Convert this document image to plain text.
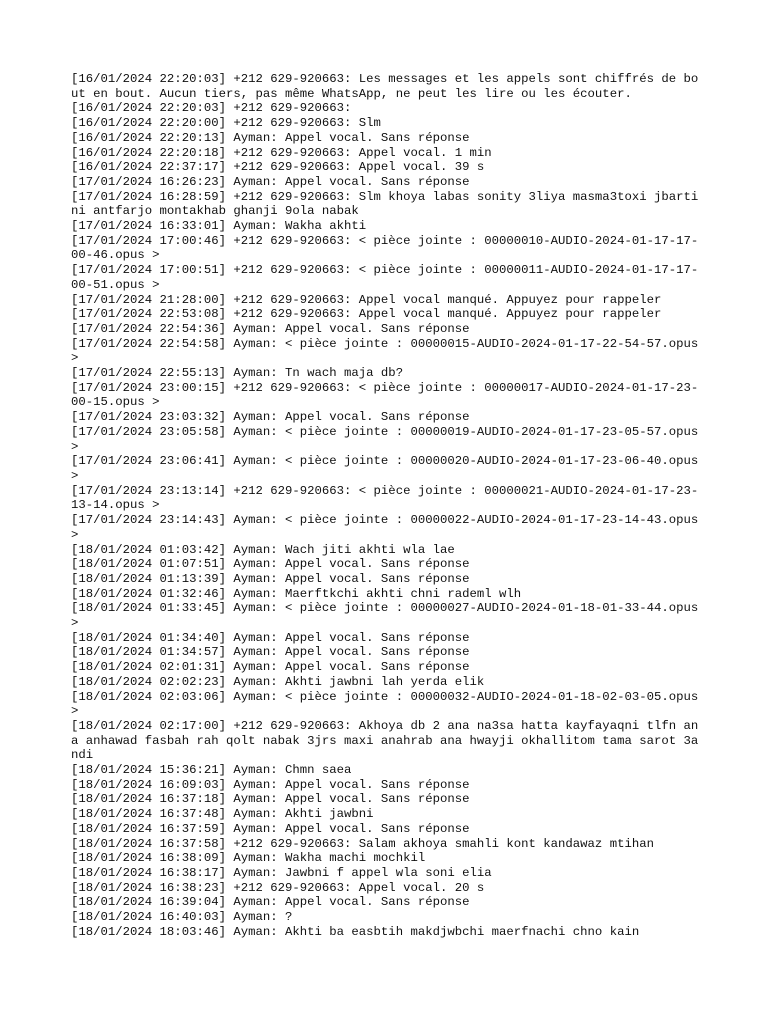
[16/01/2024 22:20:03] +212 629-920663: Les messages et les appels sont chiffrés de bout en bout. Aucun tiers, pas même WhatsApp, ne peut les lire ou les écouter.
[16/01/2024 22:20:03] +212 629-920663:
[16/01/2024 22:20:00] +212 629-920663: Slm
[16/01/2024 22:20:13] Ayman: Appel vocal. Sans réponse
[16/01/2024 22:20:18] +212 629-920663: Appel vocal. 1 min
[16/01/2024 22:37:17] +212 629-920663: Appel vocal. 39 s
[17/01/2024 16:26:23] Ayman: Appel vocal. Sans réponse
[17/01/2024 16:28:59] +212 629-920663: Slm khoya labas sonity 3liya masma3toxi jbartini antfarjo montakhab ghanji 9ola nabak
[17/01/2024 16:33:01] Ayman: Wakha akhti
[17/01/2024 17:00:46] +212 629-920663: < pièce jointe : 00000010-AUDIO-2024-01-17-17-00-46.opus >
[17/01/2024 17:00:51] +212 629-920663: < pièce jointe : 00000011-AUDIO-2024-01-17-17-00-51.opus >
[17/01/2024 21:28:00] +212 629-920663: Appel vocal manqué. Appuyez pour rappeler
[17/01/2024 22:53:08] +212 629-920663: Appel vocal manqué. Appuyez pour rappeler
[17/01/2024 22:54:36] Ayman: Appel vocal. Sans réponse
[17/01/2024 22:54:58] Ayman: < pièce jointe : 00000015-AUDIO-2024-01-17-22-54-57.opus >
[17/01/2024 22:55:13] Ayman: Tn wach maja db?
[17/01/2024 23:00:15] +212 629-920663: < pièce jointe : 00000017-AUDIO-2024-01-17-23-00-15.opus >
[17/01/2024 23:03:32] Ayman: Appel vocal. Sans réponse
[17/01/2024 23:05:58] Ayman: < pièce jointe : 00000019-AUDIO-2024-01-17-23-05-57.opus >
[17/01/2024 23:06:41] Ayman: < pièce jointe : 00000020-AUDIO-2024-01-17-23-06-40.opus >
[17/01/2024 23:13:14] +212 629-920663: < pièce jointe : 00000021-AUDIO-2024-01-17-23-13-14.opus >
[17/01/2024 23:14:43] Ayman: < pièce jointe : 00000022-AUDIO-2024-01-17-23-14-43.opus >
[18/01/2024 01:03:42] Ayman: Wach jiti akhti wla lae
[18/01/2024 01:07:51] Ayman: Appel vocal. Sans réponse
[18/01/2024 01:13:39] Ayman: Appel vocal. Sans réponse
[18/01/2024 01:32:46] Ayman: Maerftkchi akhti chni rademl wlh
[18/01/2024 01:33:45] Ayman: < pièce jointe : 00000027-AUDIO-2024-01-18-01-33-44.opus >
[18/01/2024 01:34:40] Ayman: Appel vocal. Sans réponse
[18/01/2024 01:34:57] Ayman: Appel vocal. Sans réponse
[18/01/2024 02:01:31] Ayman: Appel vocal. Sans réponse
[18/01/2024 02:02:23] Ayman: Akhti jawbni lah yerda elik
[18/01/2024 02:03:06] Ayman: < pièce jointe : 00000032-AUDIO-2024-01-18-02-03-05.opus >
[18/01/2024 02:17:00] +212 629-920663: Akhoya db 2 ana na3sa hatta kayfayaqni tlfn ana anhawad fasbah rah qolt nabak 3jrs maxi anahrab ana hwayji okhallitom tama sarot 3andi
[18/01/2024 15:36:21] Ayman: Chmn saea
[18/01/2024 16:09:03] Ayman: Appel vocal. Sans réponse
[18/01/2024 16:37:18] Ayman: Appel vocal. Sans réponse
[18/01/2024 16:37:48] Ayman: Akhti jawbni
[18/01/2024 16:37:59] Ayman: Appel vocal. Sans réponse
[18/01/2024 16:37:58] +212 629-920663: Salam akhoya smahli kont kandawaz mtihan
[18/01/2024 16:38:09] Ayman: Wakha machi mochkil
[18/01/2024 16:38:17] Ayman: Jawbni f appel wla soni elia
[18/01/2024 16:38:23] +212 629-920663: Appel vocal. 20 s
[18/01/2024 16:39:04] Ayman: Appel vocal. Sans réponse
[18/01/2024 16:40:03] Ayman: ?
[18/01/2024 18:03:46] Ayman: Akhti ba easbtih makdjwbchi maerfnachi chno kain
